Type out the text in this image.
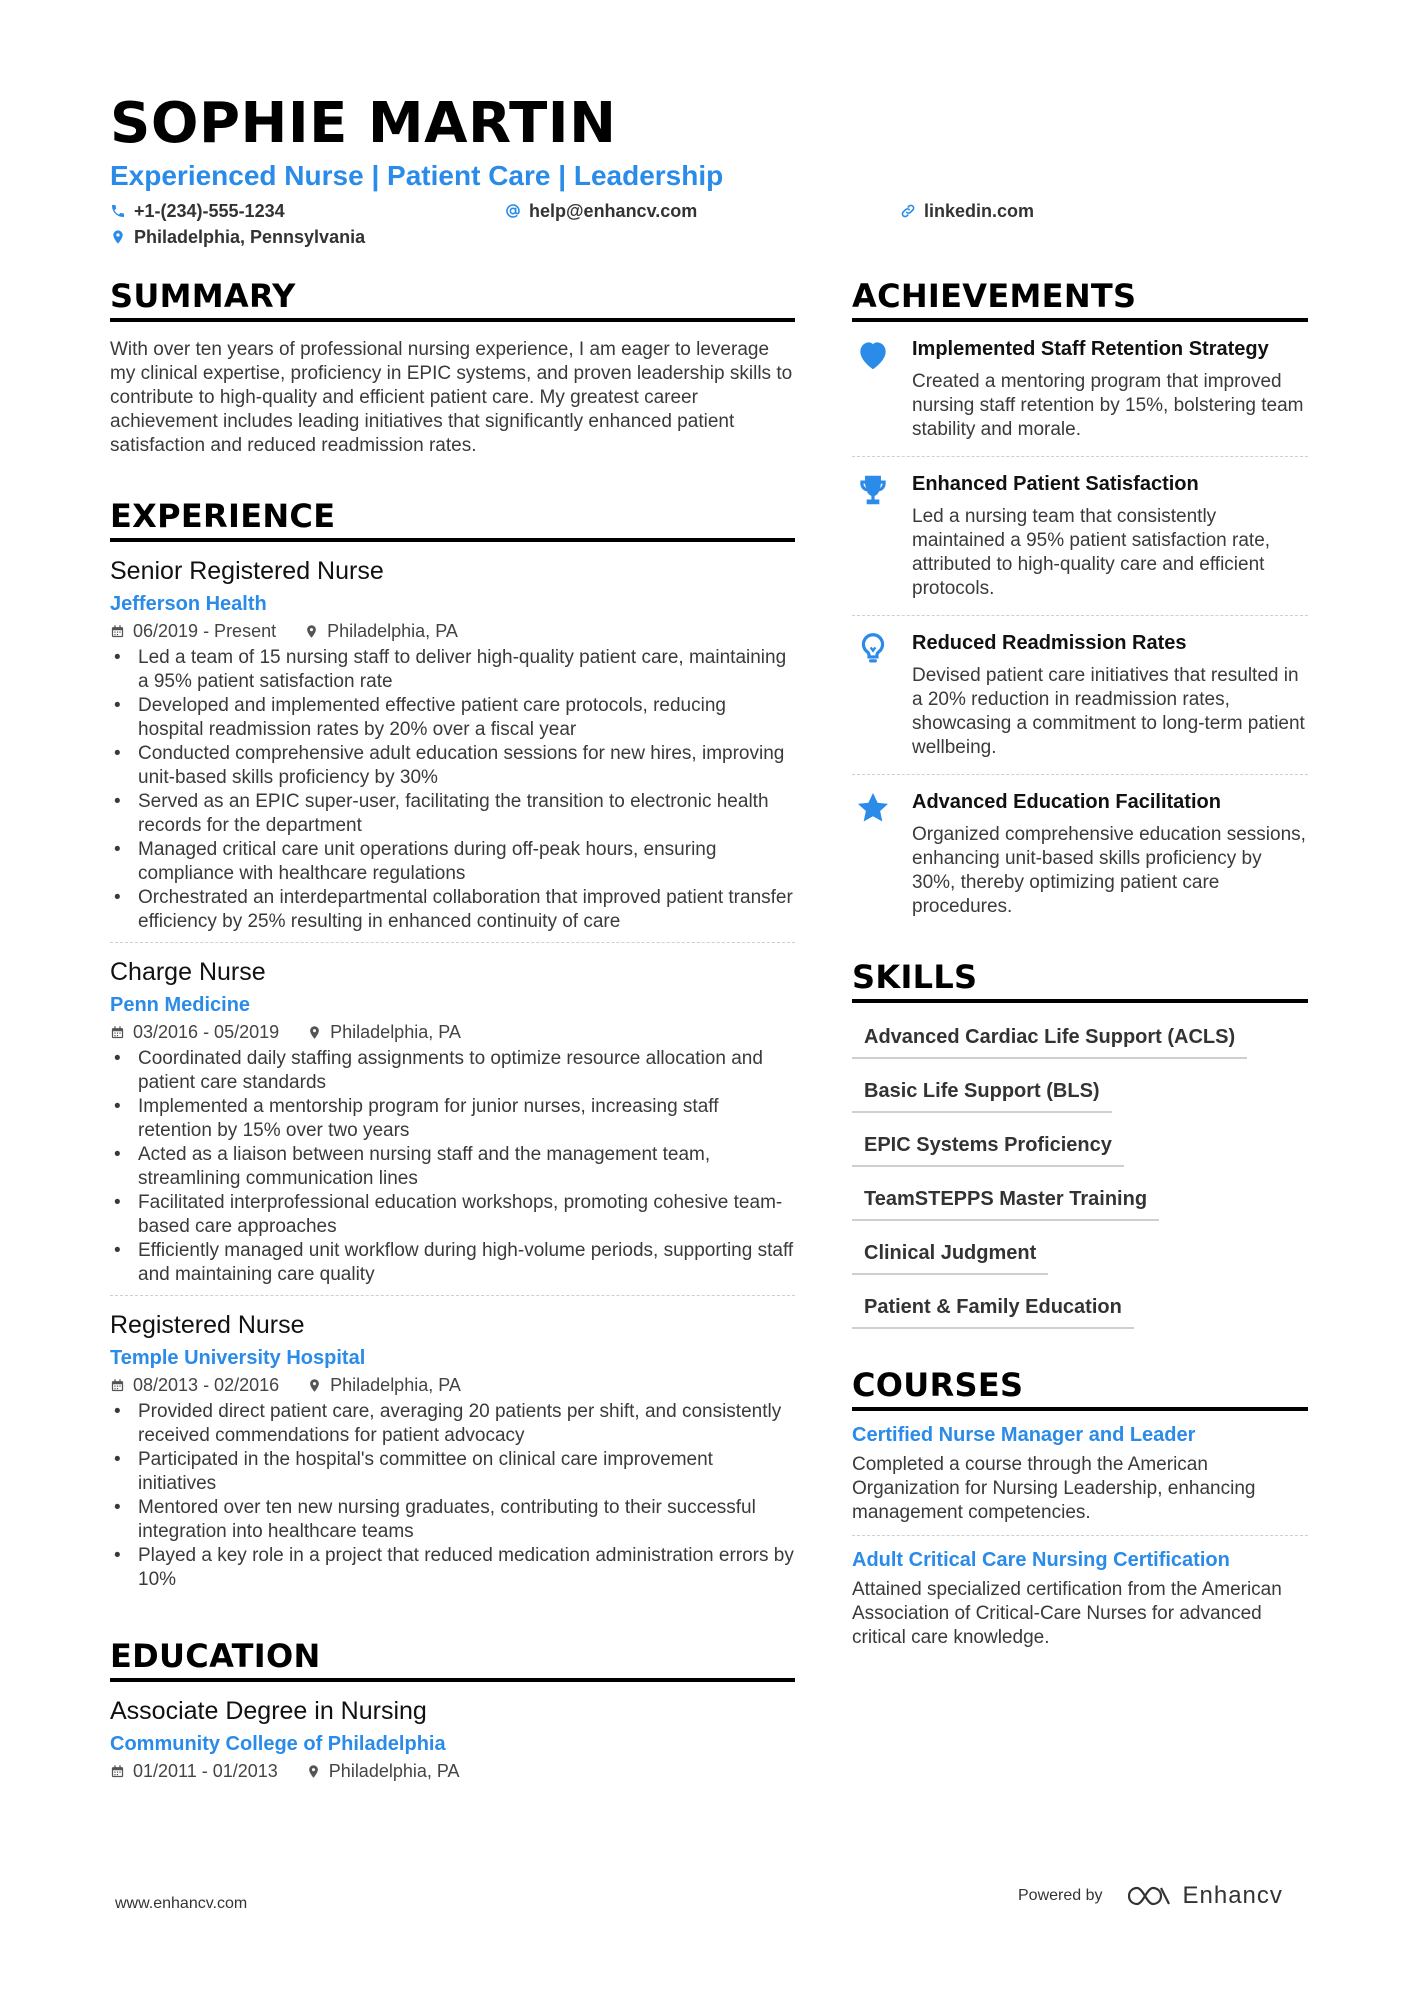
SOPHIE MARTIN
Experienced Nurse | Patient Care | Leadership
+1-(234)-555-1234	help@enhancv.com	linkedin.com
Philadelphia, Pennsylvania
SUMMARY

With over ten years of professional nursing experience, I am eager to leverage my clinical expertise, proficiency in EPIC systems, and proven leadership skills to contribute to high-quality and efficient patient care. My greatest career achievement includes leading initiatives that significantly enhanced patient satisfaction and reduced readmission rates.

EXPERIENCE
Senior Registered Nurse
Jefferson Health
06/2019 - Present	Philadelphia, PA
• Led a team of 15 nursing staff to deliver high-quality patient care, maintaining a 95% patient satisfaction rate
• Developed and implemented effective patient care protocols, reducing hospital readmission rates by 20% over a fiscal year
• Conducted comprehensive adult education sessions for new hires, improving unit-based skills proficiency by 30%
• Served as an EPIC super-user, facilitating the transition to electronic health records for the department
• Managed critical care unit operations during off-peak hours, ensuring compliance with healthcare regulations
• Orchestrated an interdepartmental collaboration that improved patient transfer efficiency by 25% resulting in enhanced continuity of care
Charge Nurse
Penn Medicine
03/2016 - 05/2019	Philadelphia, PA
• Coordinated daily staffing assignments to optimize resource allocation and patient care standards
• Implemented a mentorship program for junior nurses, increasing staff retention by 15% over two years
• Acted as a liaison between nursing staff and the management team, streamlining communication lines
• Facilitated interprofessional education workshops, promoting cohesive team-based care approaches
• Efficiently managed unit workflow during high-volume periods, supporting staff and maintaining care quality
Registered Nurse
Temple University Hospital
08/2013 - 02/2016	Philadelphia, PA
• Provided direct patient care, averaging 20 patients per shift, and consistently received commendations for patient advocacy
• Participated in the hospital's committee on clinical care improvement initiatives
• Mentored over ten new nursing graduates, contributing to their successful integration into healthcare teams
• Played a key role in a project that reduced medication administration errors by 10%
EDUCATION
Associate Degree in Nursing
Community College of Philadelphia
01/2011 - 01/2013	Philadelphia, PA
ACHIEVEMENTS
Implemented Staff Retention Strategy
Created a mentoring program that improved nursing staff retention by 15%, bolstering team stability and morale.
Enhanced Patient Satisfaction
Led a nursing team that consistently maintained a 95% patient satisfaction rate, attributed to high-quality care and efficient protocols.
Reduced Readmission Rates
Devised patient care initiatives that resulted in a 20% reduction in readmission rates, showcasing a commitment to long-term patient wellbeing.
Advanced Education Facilitation
Organized comprehensive education sessions, enhancing unit-based skills proficiency by 30%, thereby optimizing patient care procedures.
SKILLS
Advanced Cardiac Life Support (ACLS)
Basic Life Support (BLS)
EPIC Systems Proficiency
TeamSTEPPS Master Training
Clinical Judgment
Patient & Family Education
COURSES
Certified Nurse Manager and Leader
Completed a course through the American Organization for Nursing Leadership, enhancing management competencies.
Adult Critical Care Nursing Certification
Attained specialized certification from the American Association of Critical-Care Nurses for advanced critical care knowledge.
www.enhancv.com	Powered by	Enhancv
